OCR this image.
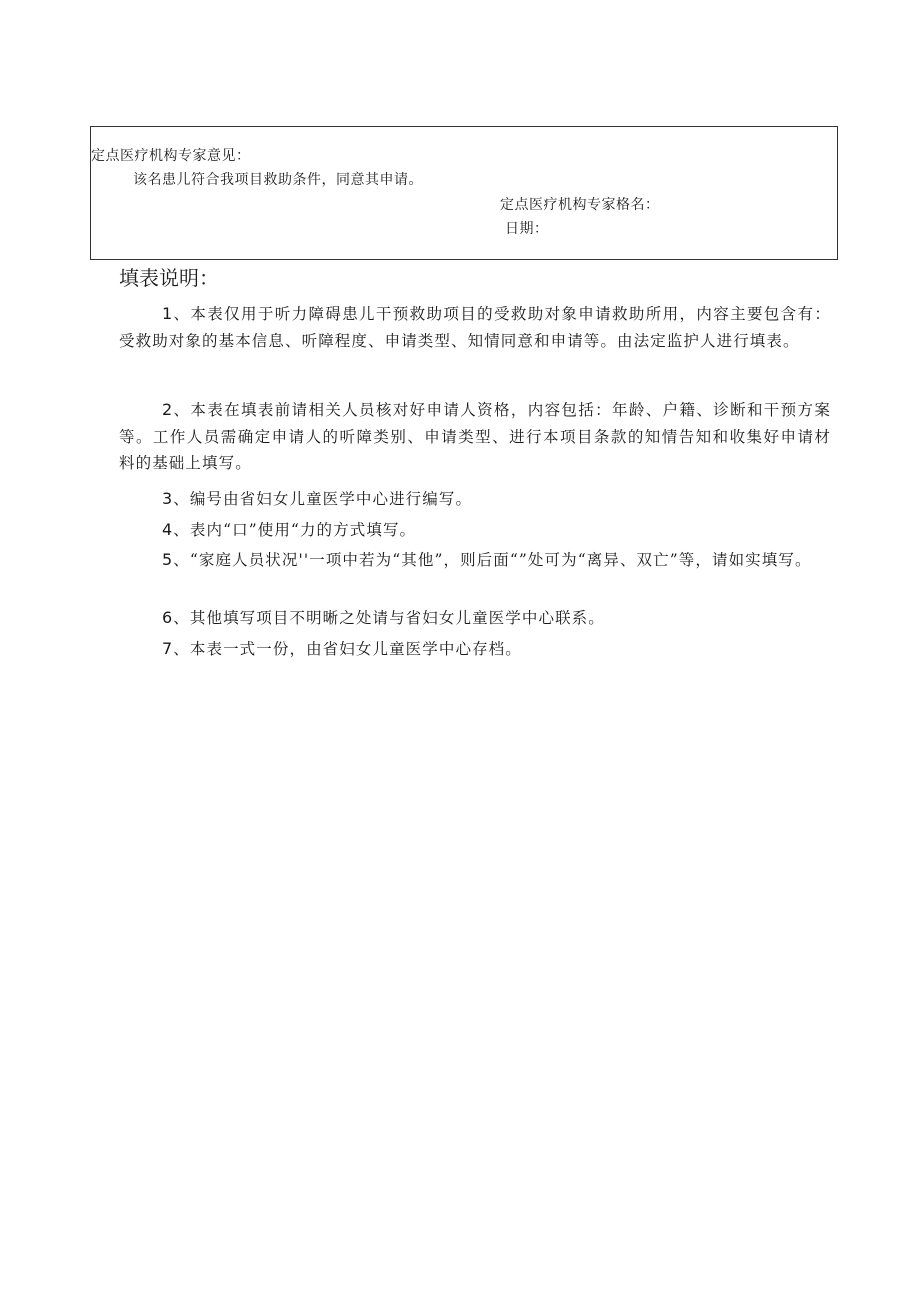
定点医疗机构专家意见：
该名患儿符合我项目救助条件，同意其申请。
定点医疗机构专家格名：
日期：
填表说明：
1、本表仅用于听力障碍患儿干预救助项目的受救助对象申请救助所用，内容主要包含有：受救助对象的基本信息、听障程度、申请类型、知情同意和申请等。由法定监护人进行填表。
2、本表在填表前请相关人员核对好申请人资格，内容包括：年龄、户籍、诊断和干预方案等。工作人员需确定申请人的听障类别、申请类型、进行本项目条款的知情告知和收集好申请材料的基础上填写。
3、编号由省妇女儿童医学中心进行编写。
4、表内“口”使用“力的方式填写。
5、“家庭人员状况''一项中若为“其他”，则后面“”处可为“离异、双亡”等，请如实填写。
6、其他填写项目不明晰之处请与省妇女儿童医学中心联系。
7、本表一式一份，由省妇女儿童医学中心存档。
